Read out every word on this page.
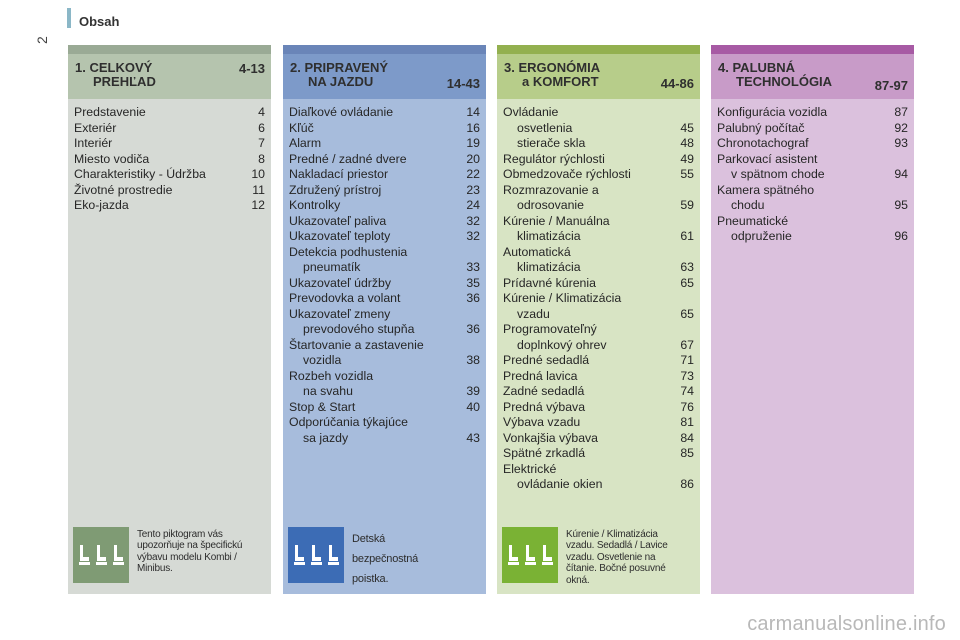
2
Obsah
1. CELKOVÝ
PREHĽAD
4-13
Predstavenie	4
Exteriér	6
Interiér	7
Miesto vodiča	8
Charakteristiky - Údržba	10
Životné prostredie	11
Eko-jazda	12
Tento piktogram vás
upozorňuje na špecifickú
výbavu modelu Kombi /
Minibus.
2. PRIPRAVENÝ
NA JAZDU	14-43
Diaľkové ovládanie	14
Kľúč	16
Alarm	19
Predné / zadné dvere	20
Nakladací priestor	22
Združený prístroj	23
Kontrolky	24
Ukazovateľ paliva	32
Ukazovateľ teploty	32
Detekcia podhustenia
pneumatík	33
Ukazovateľ údržby	35
Prevodovka a volant	36
Ukazovateľ zmeny
prevodového stupňa	36
Štartovanie a zastavenie
vozidla	38
Rozbeh vozidla
na svahu	39
Stop & Start	40
Odporúčania týkajúce
sa jazdy	43
Detská
bezpečnostná
poistka.
3. ERGONÓMIA
a KOMFORT	44-86
Ovládanie
osvetlenia	45
stierače skla	48
Regulátor rýchlosti	49
Obmedzovače rýchlosti	55
Rozmrazovanie a
odrosovanie	59
Kúrenie / Manuálna
klimatizácia	61
Automatická
klimatizácia	63
Prídavné kúrenia	65
Kúrenie / Klimatizácia
vzadu	65
Programovateľný
doplnkový ohrev	67
Predné sedadlá	71
Predná lavica	73
Zadné sedadlá	74
Predná výbava	76
Výbava vzadu	81
Vonkajšia výbava	84
Spätné zrkadlá	85
Elektrické
ovládanie okien	86
Kúrenie / Klimatizácia
vzadu. Sedadlá / Lavice
vzadu. Osvetlenie na
čítanie. Bočné posuvné
okná.
4. PALUBNÁ
TECHNOLÓGIA	87-97
Konfigurácia vozidla	87
Palubný počítač	92
Chronotachograf	93
Parkovací asistent
v spätnom chode	94
Kamera spätného
chodu	95
Pneumatické
odpruženie	96
carmanualsonline.info
